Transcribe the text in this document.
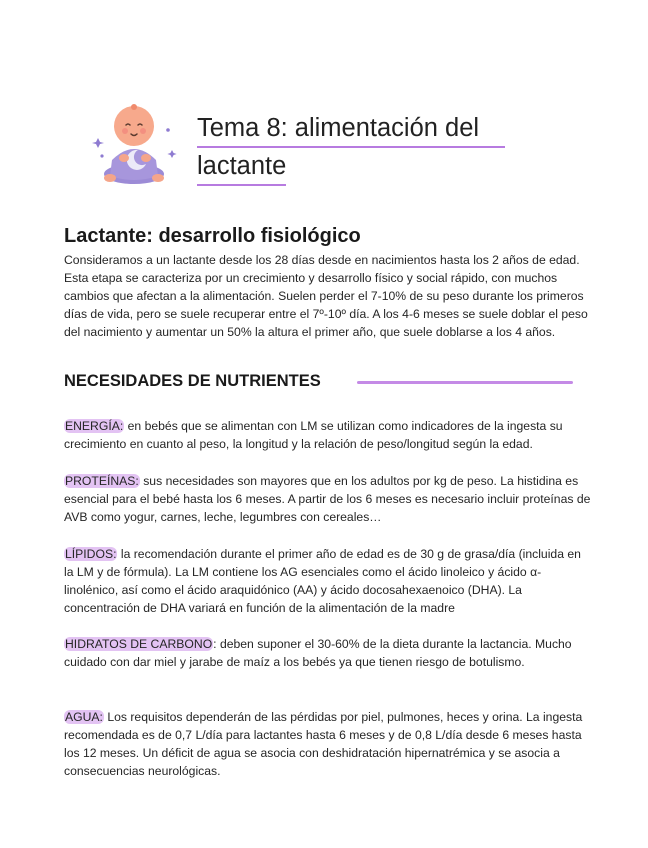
Tema 8: alimentación del
lactante
Lactante: desarrollo fisiológico

Consideramos a un lactante desde los 28 días desde en nacimientos hasta los 2 años de edad. Esta etapa se caracteriza por un crecimiento y desarrollo físico y social rápido, con muchos cambios que afectan a la alimentación. Suelen perder el 7-10% de su peso durante los primeros días de vida, pero se suele recuperar entre el 7º-10º día. A los 4-6 meses se suele doblar el peso del nacimiento y aumentar un 50% la altura el primer año, que suele doblarse a los 4 años.

NECESIDADES DE NUTRIENTES

ENERGÍA: en bebés que se alimentan con LM se utilizan como indicadores de la ingesta su crecimiento en cuanto al peso, la longitud y la relación de peso/longitud según la edad.

PROTEÍNAS: sus necesidades son mayores que en los adultos por kg de peso. La histidina es esencial para el bebé hasta los 6 meses. A partir de los 6 meses es necesario incluir proteínas de AVB como yogur, carnes, leche, legumbres con cereales…

LÍPIDOS: la recomendación durante el primer año de edad es de 30 g de grasa/día (incluida en la LM y de fórmula). La LM contiene los AG esenciales como el ácido linoleico y ácido α-linolénico, así como el ácido araquidónico (AA) y ácido docosahexaenoico (DHA). La concentración de DHA variará en función de la alimentación de la madre

HIDRATOS DE CARBONO: deben suponer el 30-60% de la dieta durante la lactancia. Mucho cuidado con dar miel y jarabe de maíz a los bebés ya que tienen riesgo de botulismo.

AGUA: Los requisitos dependerán de las pérdidas por piel, pulmones, heces y orina. La ingesta recomendada es de 0,7 L/día para lactantes hasta 6 meses y de 0,8 L/día desde 6 meses hasta los 12 meses. Un déficit de agua se asocia con deshidratación hipernatrémica y se asocia a consecuencias neurológicas.
